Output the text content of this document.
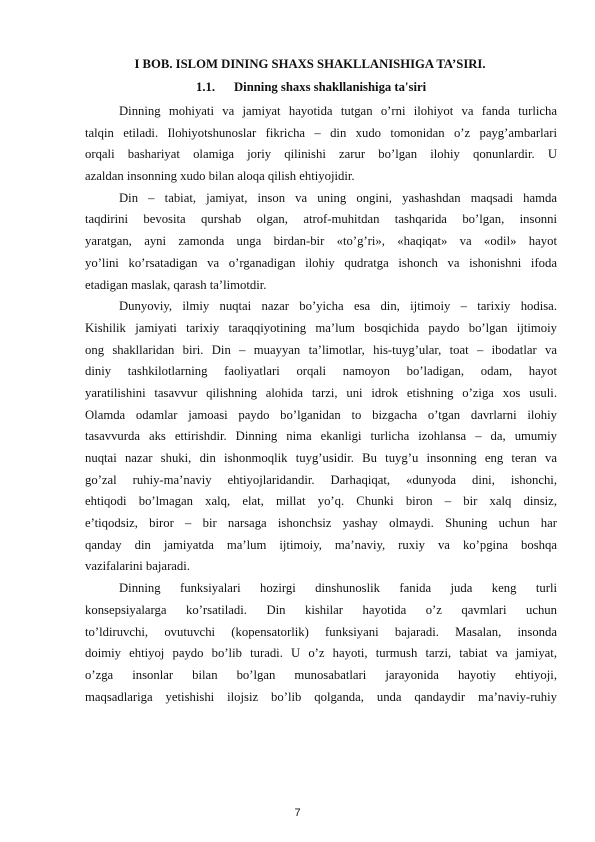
I BOB. ISLOM DINING SHAXS SHAKLLANISHIGA TA’SIRI.
1.1. Dinning shaxs shakllanishiga ta'siri
Dinning mohiyati va jamiyat hayotida tutgan o’rni ilohiyot va fanda turlicha
talqin etiladi. Ilohiyotshunoslar fikricha – din xudo tomonidan o’z payg’ambarlari
orqali bashariyat olamiga joriy qilinishi zarur bo’lgan ilohiy qonunlardir. U
azaldan insonning xudo bilan aloqa qilish ehtiyojidir.
Din – tabiat, jamiyat, inson va uning ongini, yashashdan maqsadi hamda
taqdirini bevosita qurshab olgan, atrof-muhitdan tashqarida bo’lgan, insonni
yaratgan, ayni zamonda unga birdan-bir «to’g’ri», «haqiqat» va «odil» hayot
yo’lini ko’rsatadigan va o’rganadigan ilohiy qudratga ishonch va ishonishni ifoda
etadigan maslak, qarash ta’limotdir.
Dunyoviy, ilmiy nuqtai nazar bo’yicha esa din, ijtimoiy – tarixiy hodisa.
Kishilik jamiyati tarixiy taraqqiyotining ma’lum bosqichida paydo bo’lgan ijtimoiy
ong shakllaridan biri. Din – muayyan ta’limotlar, his-tuyg’ular, toat – ibodatlar va
diniy tashkilotlarning faoliyatlari orqali namoyon bo’ladigan, odam, hayot
yaratilishini tasavvur qilishning alohida tarzi, uni idrok etishning o’ziga xos usuli.
Olamda odamlar jamoasi paydo bo’lganidan to bizgacha o’tgan davrlarni ilohiy
tasavvurda aks ettirishdir. Dinning nima ekanligi turlicha izohlansa – da, umumiy
nuqtai nazar shuki, din ishonmoqlik tuyg’usidir. Bu tuyg’u insonning eng teran va
go’zal ruhiy-ma’naviy ehtiyojlaridandir. Darhaqiqat, «dunyoda dini, ishonchi,
ehtiqodi bo’lmagan xalq, elat, millat yo’q. Chunki biron – bir xalq dinsiz,
e’tiqodsiz, biror – bir narsaga ishonchsiz yashay olmaydi. Shuning uchun har
qanday din jamiyatda ma’lum ijtimoiy, ma’naviy, ruxiy va ko’pgina boshqa
vazifalarini bajaradi.
Dinning funksiyalari hozirgi dinshunoslik fanida juda keng turli
konsepsiyalarga ko’rsatiladi. Din kishilar hayotida o’z qavmlari uchun
to’ldiruvchi, ovutuvchi (kopensatorlik) funksiyani bajaradi. Masalan, insonda
doimiy ehtiyoj paydo bo’lib turadi. U o’z hayoti, turmush tarzi, tabiat va jamiyat,
o’zga insonlar bilan bo’lgan munosabatlari jarayonida hayotiy ehtiyoji,
maqsadlariga yetishishi ilojsiz bo’lib qolganda, unda qandaydir ma’naviy-ruhiy
7
